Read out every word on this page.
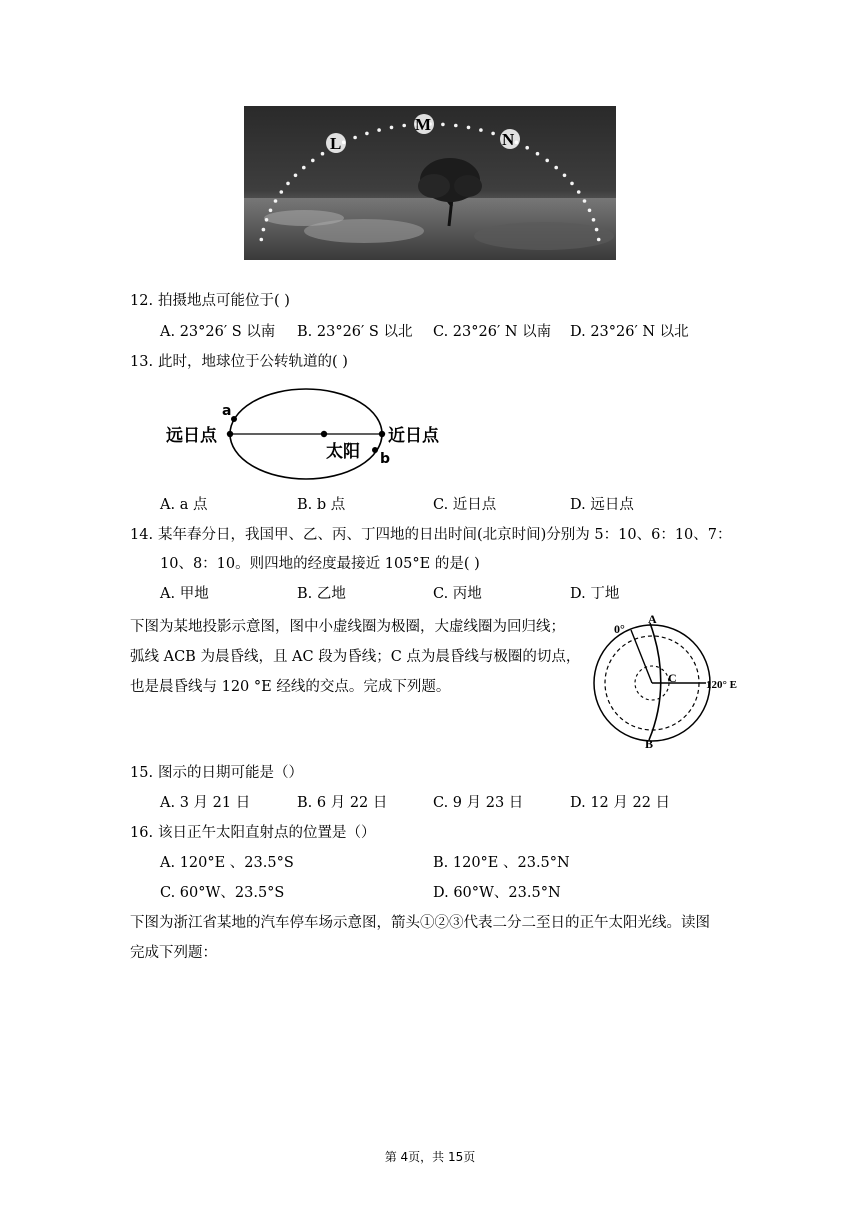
L
M
N
12. 拍摄地点可能位于( )
A. 23°26′ S 以南 B. 23°26′ S 以北 C. 23°26′ N 以南 D. 23°26′ N 以北
13. 此时，地球位于公转轨道的( )
a
b
远日点	近日点
太阳
A. a 点	B. b 点	C. 近日点	D. 远日点
14. 某年春分日，我国甲、乙、丙、丁四地的日出时间(北京时间)分别为 5：10、6：10、7：
10、8：10。则四地的经度最接近 105°E 的是( )
A. 甲地	B. 乙地	C. 丙地	D. 丁地
下图为某地投影示意图，图中小虚线圈为极圈，大虚线圈为回归线；
弧线 ACB 为晨昏线，且 AC 段为昏线；C 点为晨昏线与极圈的切点，
也是晨昏线与 120 °E 经线的交点。完成下列题。
0°
A
B
C	120° E
15. 图示的日期可能是（）
A. 3 月 21 日	B. 6 月 22 日	C. 9 月 23 日	D. 12 月 22 日
16. 该日正午太阳直射点的位置是（）
A. 120°E 、23.5°S	B. 120°E 、23.5°N
C. 60°W、23.5°S	D. 60°W、23.5°N
下图为浙江省某地的汽车停车场示意图，箭头①②③代表二分二至日的正午太阳光线。读图
完成下列题：
第 4页，共 15页
